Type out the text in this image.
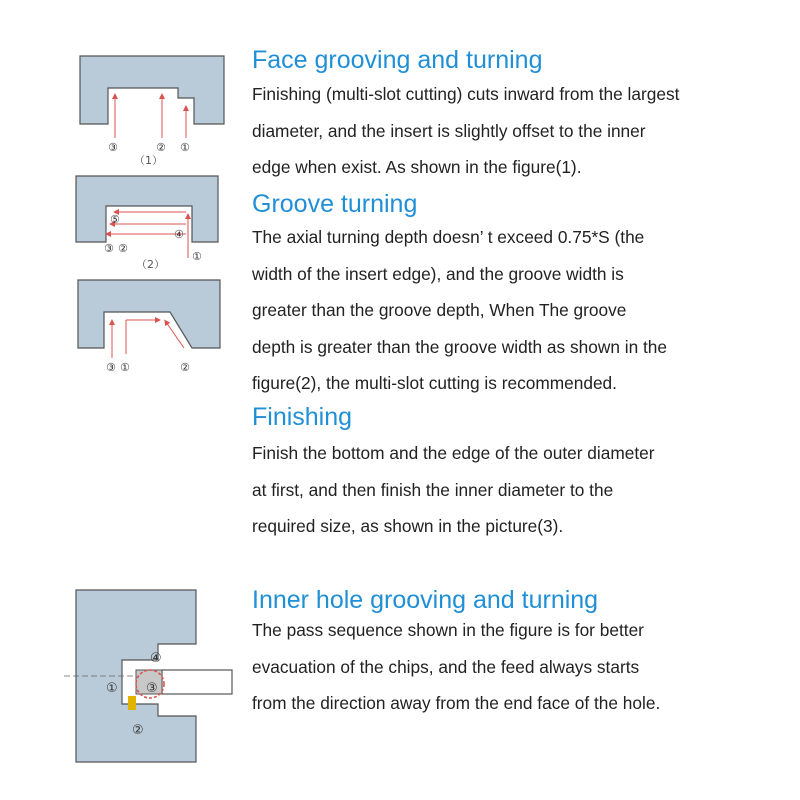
③	② ①
（1）
⑤
④
③ ②
①
（2）
③ ①	②
④
① ③
②
Face grooving and turning

Finishing (multi-slot cutting) cuts inward from the largest
diameter, and the insert is slightly offset to the inner
edge when exist. As shown in the figure(1).

Groove turning

The axial turning depth doesn’ t exceed 0.75*S (the
width of the insert edge), and the groove width is
greater than the groove depth, When The groove
depth is greater than the groove width as shown in the
figure(2), the multi-slot cutting is recommended.

Finishing

Finish the bottom and the edge of the outer diameter
at first, and then finish the inner diameter to the
required size, as shown in the picture(3).

Inner hole grooving and turning

The pass sequence shown in the figure is for better
evacuation of the chips, and the feed always starts
from the direction away from the end face of the hole.
